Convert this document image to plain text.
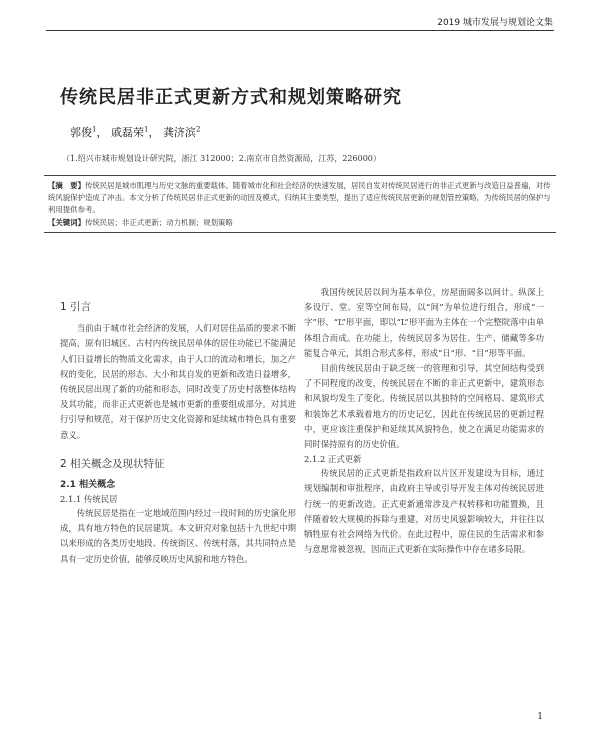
2019 城市发展与规划论文集
传统民居非正式更新方式和规划策略研究
郭俊$^1$， 戚磊荣$^1$， 龚济滨$^2$
（1.绍兴市城市规划设计研究院，浙江 312000；2.南京市自然资源局，江苏，226000）
【摘　要】传统民居是城市肌理与历史文脉的重要载体。随着城市化和社会经济的快速发展，居民自发对传统民居进行的非正式更新与改造日益普遍，对传统风貌保护造成了冲击。本文分析了传统民居非正式更新的动因及模式，归纳其主要类型，提出了适应传统民居更新的规划管控策略，为传统民居的保护与利用提供参考。
【关键词】传统民居；非正式更新；动力机制；规划策略
1 引言

当前由于城市社会经济的发展，人们对居住品质的要求不断提高，原有旧城区、古村内传统民居单体的居住功能已不能满足人们日益增长的物质文化需求，由于人口的流动和增长，加之产权的变化，民居的形态、大小和其自发的更新和改造日益增多，传统民居出现了新的功能和形态，同时改变了历史村落整体结构及其功能，而非正式更新也是城市更新的重要组成部分。对其进行引导和规范，对于保护历史文化资源和延续城市特色具有重要意义。

2 相关概念及现状特征
2.1 相关概念
2.1.1 传统民居

传统民居是指在一定地域范围内经过一段时间的历史演化形成，具有地方特色的民居建筑。本文研究对象包括十九世纪中期以来形成的各类历史地段、传统街区、传统村落，其共同特点是具有一定历史价值，能够反映历史风貌和地方特色。

我国传统民居以间为基本单位，房屋面阔多以间计。纵深上多设厅、堂、室等空间布局，以“间”为单位进行组合，形成“一字”形、“L”形平面，即以“L”形平面为主体在一个完整院落中由单体组合而成。在功能上，传统民居多为居住、生产、储藏等多功能复合单元，其组合形式多样，形成“日”形、“目”形等平面。

目前传统民居由于缺乏统一的管理和引导，其空间结构受到了不同程度的改变，传统民居在不断的非正式更新中，建筑形态和风貌均发生了变化。传统民居以其独特的空间格局、建筑形式和装饰艺术承载着地方的历史记忆，因此在传统民居的更新过程中，更应该注重保护和延续其风貌特色，使之在满足功能需求的同时保持原有的历史价值。

2.1.2 正式更新

传统民居的正式更新是指政府以片区开发建设为目标，通过规划编制和审批程序，由政府主导或引导开发主体对传统民居进行统一的更新改造。正式更新通常涉及产权转移和功能置换，且伴随着较大规模的拆除与重建，对历史风貌影响较大，并往往以牺牲原有社会网络为代价。在此过程中，原住民的生活需求和参与意愿常被忽视，因而正式更新在实际操作中存在诸多局限。

1
